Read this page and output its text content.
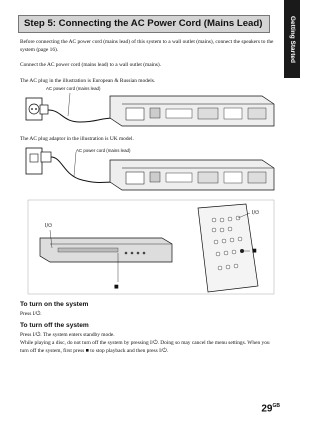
Getting Started
Step 5: Connecting the AC Power Cord (Mains Lead)

Before connecting the AC power cord (mains lead) of this system to a wall outlet (mains), connect the speakers to the system (page 16).

Connect the AC power cord (mains lead) to a wall outlet (mains).

The AC plug in the illustration is European & Russian models.

AC power cord (mains lead)

The AC plug adaptor in the illustration is UK model.

AC power cord (mains lead)
I/⏻
■
I/⏻
■
To turn on the system

Press I/⏻.

To turn off the system

Press I/⏻. The system enters standby mode.

While playing a disc, do not turn off the system by pressing I/⏻. Doing so may cancel the menu settings. When you turn off the system, first press ■ to stop playback and then press I/⏻.

$29^{GB}$
